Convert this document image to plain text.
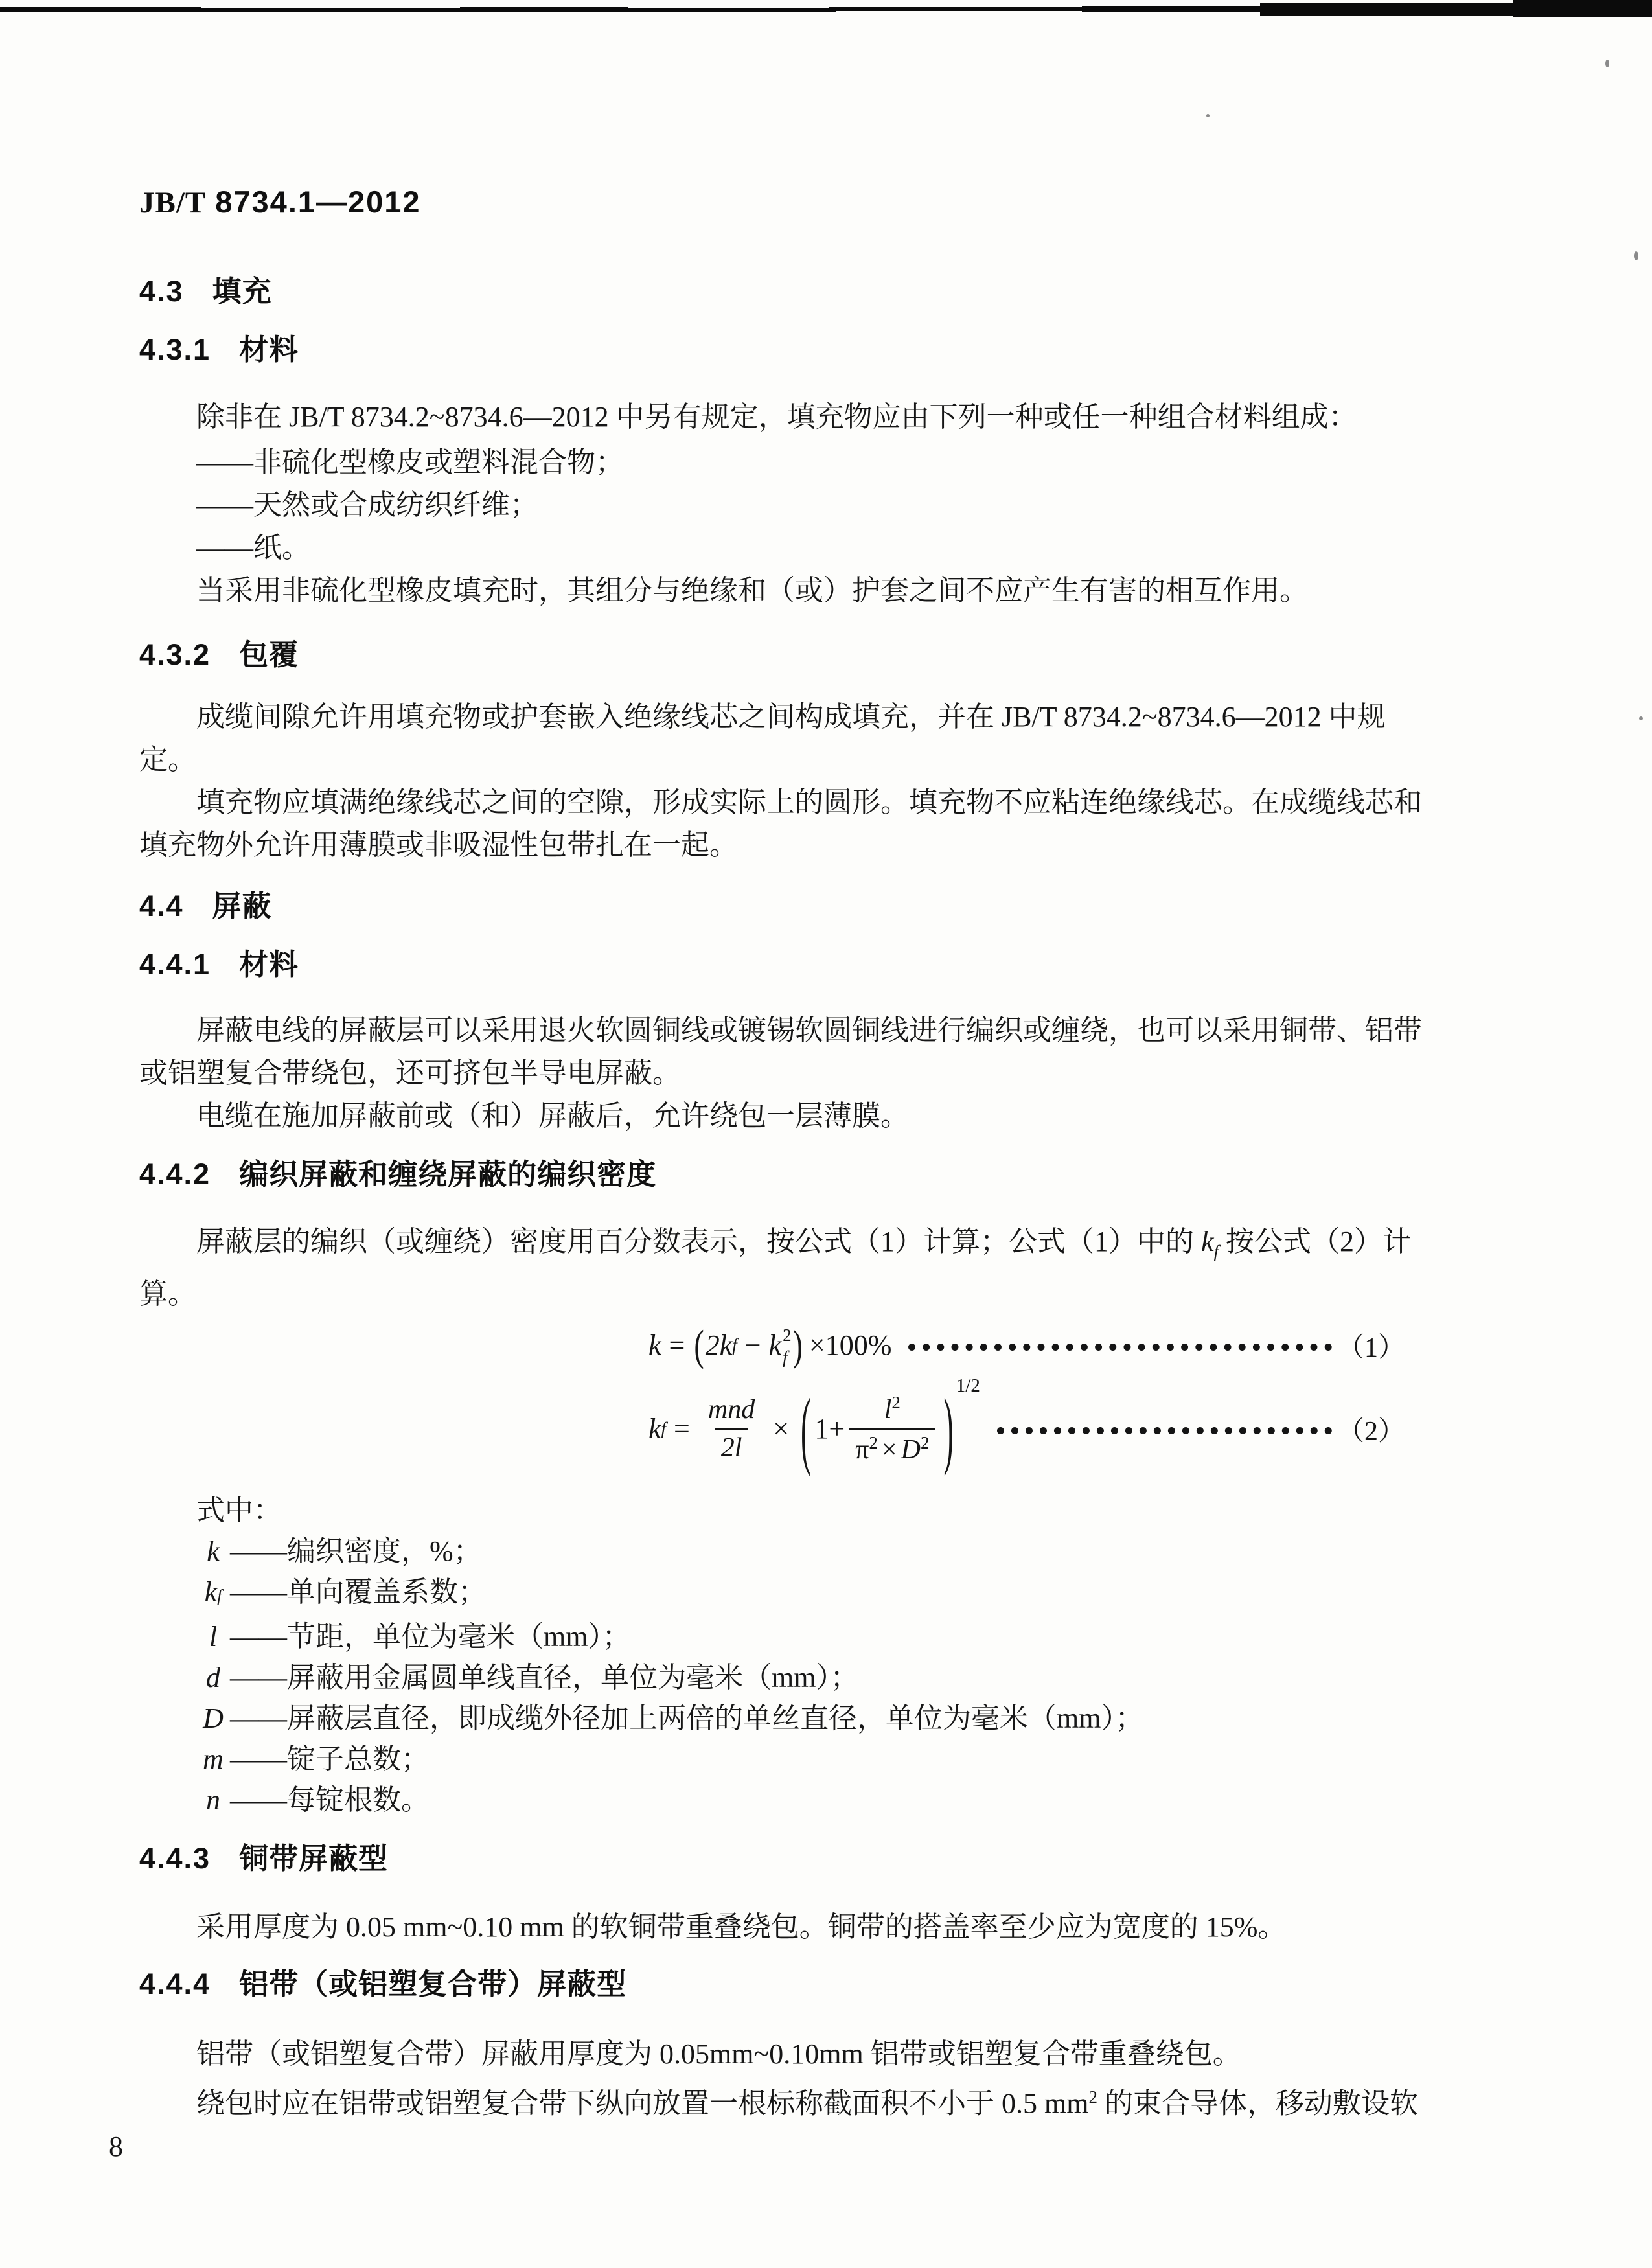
JB/T 8734.1—2012
4.3 填充
4.3.1 材料
除非在 JB/T 8734.2~8734.6—2012 中另有规定，填充物应由下列一种或任一种组合材料组成：
——非硫化型橡皮或塑料混合物；
——天然或合成纺织纤维；
——纸。
当采用非硫化型橡皮填充时，其组分与绝缘和（或）护套之间不应产生有害的相互作用。
4.3.2 包覆
成缆间隙允许用填充物或护套嵌入绝缘线芯之间构成填充，并在 JB/T 8734.2~8734.6—2012 中规
定。
填充物应填满绝缘线芯之间的空隙，形成实际上的圆形。填充物不应粘连绝缘线芯。在成缆线芯和
填充物外允许用薄膜或非吸湿性包带扎在一起。
4.4 屏蔽
4.4.1 材料
屏蔽电线的屏蔽层可以采用退火软圆铜线或镀锡软圆铜线进行编织或缠绕，也可以采用铜带、铝带
或铝塑复合带绕包，还可挤包半导电屏蔽。
电缆在施加屏蔽前或（和）屏蔽后，允许绕包一层薄膜。
4.4.2 编织屏蔽和缠绕屏蔽的编织密度
屏蔽层的编织（或缠绕）密度用百分数表示，按公式（1）计算；公式（1）中的 $k_f$ 按公式（2）计
算。
k = ( 2k f − k 2
f ) ×100%	（1）
k $f = \frac{\text{mnd}}{2l}$ × ( $1+ \frac{l^2}{\pi^2 \times D^2} )^{1/2}$
（2）
式中：
k ——编织密度，%；
k f ——单向覆盖系数；
l ——节距，单位为毫米（mm）；
d ——屏蔽用金属圆单线直径，单位为毫米（mm）；
D ——屏蔽层直径，即成缆外径加上两倍的单丝直径，单位为毫米（mm）；
m ——锭子总数；
n ——每锭根数。
4.4.3 铜带屏蔽型
采用厚度为 0.05 mm~0.10 mm 的软铜带重叠绕包。铜带的搭盖率至少应为宽度的 15%。
4.4.4 铝带（或铝塑复合带）屏蔽型
铝带（或铝塑复合带）屏蔽用厚度为 0.05mm~0.10mm 铝带或铝塑复合带重叠绕包。
绕包时应在铝带或铝塑复合带下纵向放置一根标称截面积不小于 0.5 $mm^2$ 的束合导体，移动敷设软
8
